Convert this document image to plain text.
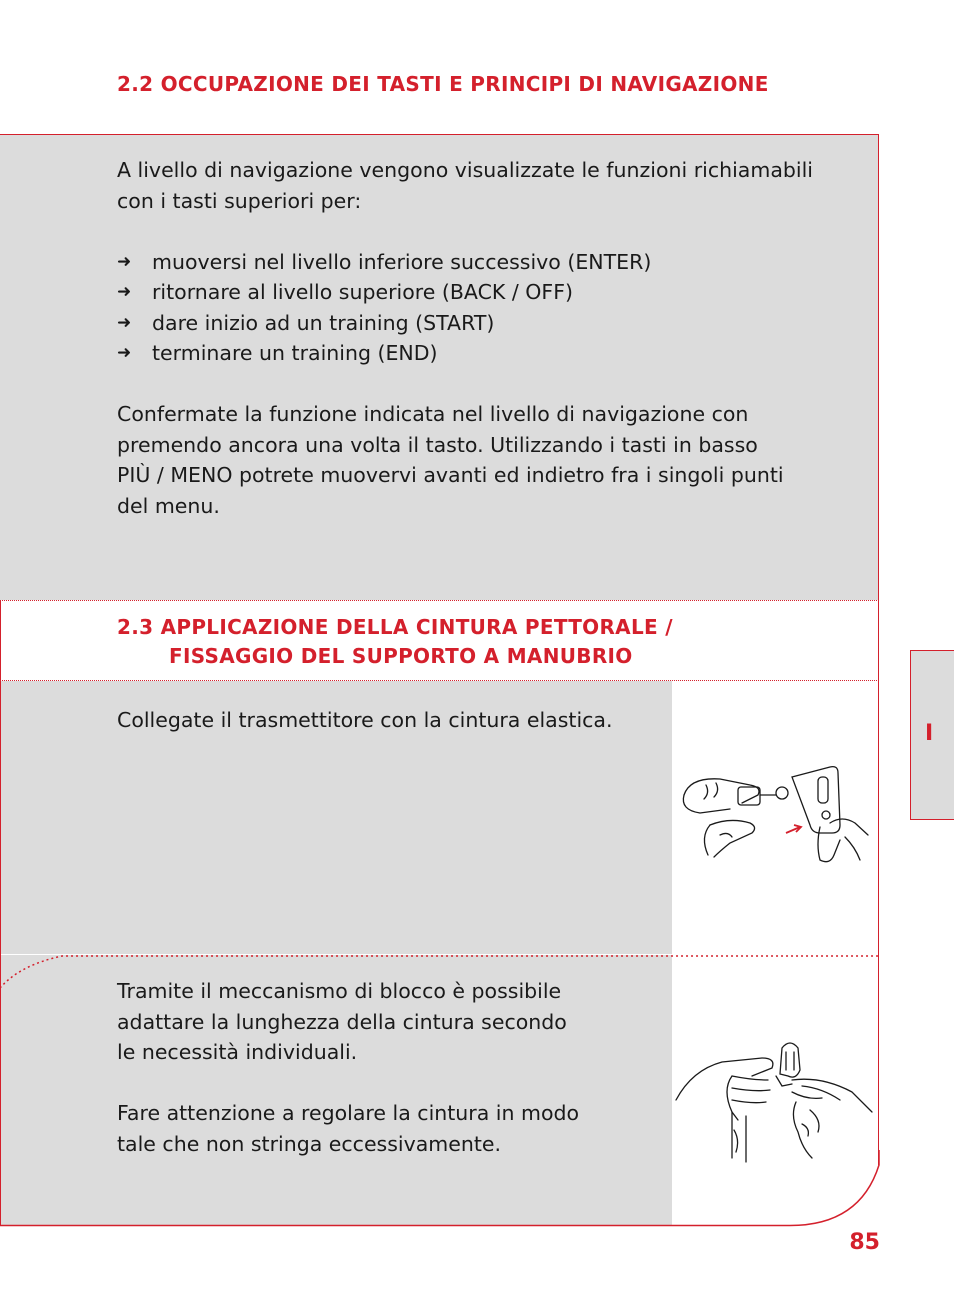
2.2 OCCUPAZIONE DEI TASTI E PRINCIPI DI NAVIGAZIONE

A livello di navigazione vengono visualizzate le funzioni richiamabili

con i tasti superiori per:

➜ muoversi nel livello inferiore successivo (ENTER)
➜ ritornare al livello superiore (BACK / OFF)
➜ dare inizio ad un training (START)
➜ terminare un training (END)

Confermate la funzione indicata nel livello di navigazione con

premendo ancora una volta il tasto. Utilizzando i tasti in basso

PIÙ / MENO potrete muovervi avanti ed indietro fra i singoli punti

del menu.

2.3 APPLICAZIONE DELLA CINTURA PETTORALE /
FISSAGGIO DEL SUPPORTO A MANUBRIO
Collegate il trasmettitore con la cintura elastica.

Tramite il meccanismo di blocco è possibile

adattare la lunghezza della cintura secondo

le necessità individuali.

Fare attenzione a regolare la cintura in modo

tale che non stringa eccessivamente.

I
85
